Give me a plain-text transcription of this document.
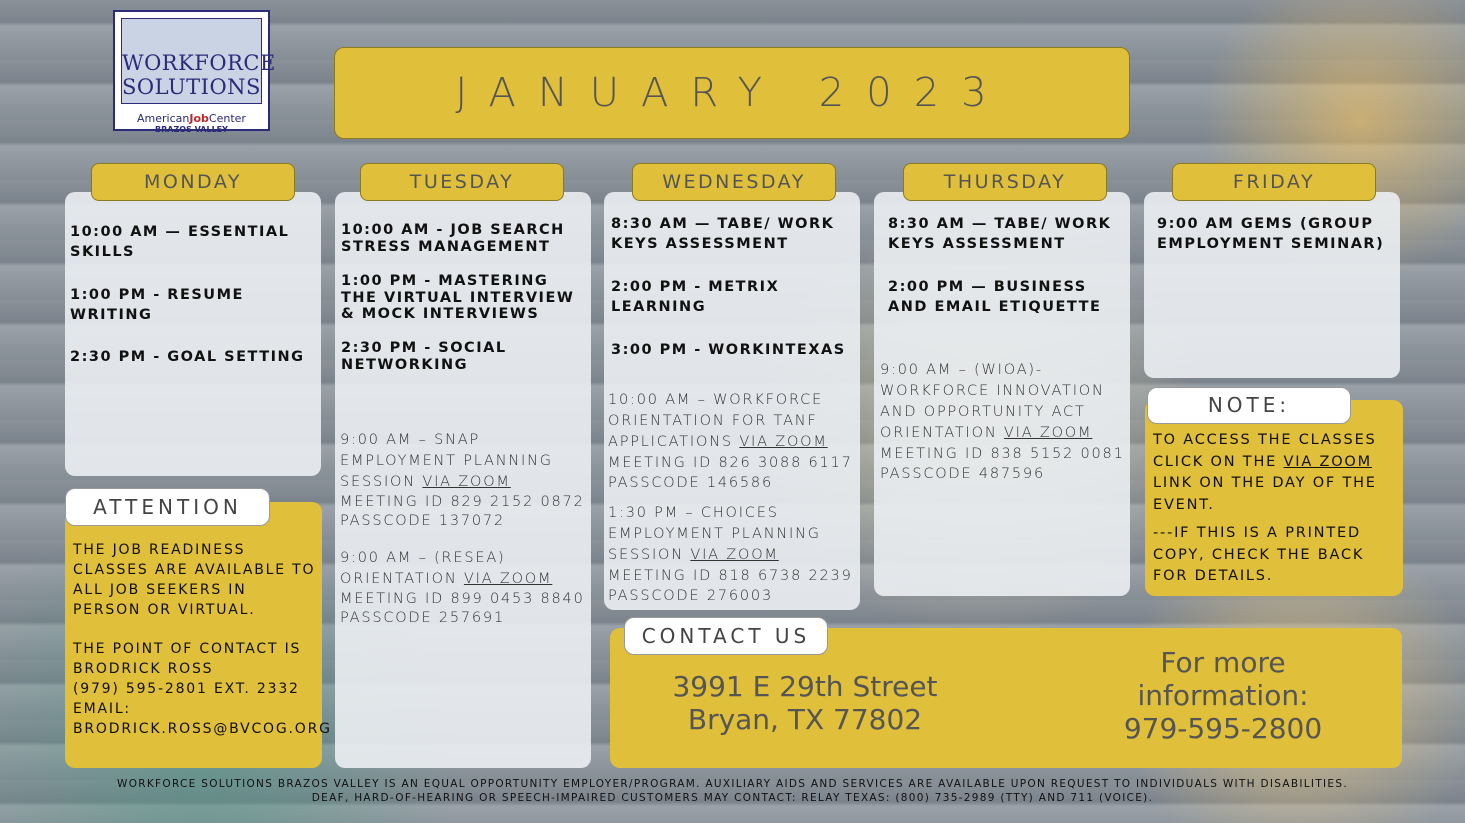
WORKFORCE
SOLUTIONS
BRAZOS VALLEY
AmericanJobCenter
JANUARY 2023

10:00 AM — ESSENTIAL SKILLS

1:00 PM - RESUME WRITING

2:30 PM - GOAL SETTING

MONDAY

10:00 AM - JOB SEARCH STRESS MANAGEMENT

1:00 PM - MASTERING THE VIRTUAL INTERVIEW & MOCK INTERVIEWS

2:30 PM - SOCIAL NETWORKING

9:00 AM – SNAP EMPLOYMENT PLANNING SESSION VIA ZOOM

MEETING ID 829 2152 0872

PASSCODE 137072

9:00 AM – (RESEA) ORIENTATION VIA ZOOM

MEETING ID 899 0453 8840

PASSCODE 257691

TUESDAY

8:30 AM — TABE/ WORK KEYS ASSESSMENT

2:00 PM - METRIX LEARNING

3:00 PM - WORKINTEXAS

10:00 AM – WORKFORCE ORIENTATION FOR TANF APPLICATIONS VIA ZOOM

MEETING ID 826 3088 6117

PASSCODE 146586

1:30 PM – CHOICES EMPLOYMENT PLANNING SESSION VIA ZOOM

MEETING ID 818 6738 2239

PASSCODE 276003

WEDNESDAY

8:30 AM — TABE/ WORK KEYS ASSESSMENT

2:00 PM — BUSINESS AND EMAIL ETIQUETTE

9:00 AM – (WIOA)-WORKFORCE INNOVATION AND OPPORTUNITY ACT ORIENTATION VIA ZOOM

MEETING ID 838 5152 0081

PASSCODE 487596

THURSDAY

9:00 AM GEMS (GROUP EMPLOYMENT SEMINAR)

FRIDAY

THE JOB READINESS CLASSES ARE AVAILABLE TO ALL JOB SEEKERS IN PERSON OR VIRTUAL.

THE POINT OF CONTACT IS

BRODRICK ROSS

(979) 595-2801 EXT. 2332

EMAIL:

BRODRICK.ROSS@BVCOG.ORG

ATTENTION

TO ACCESS THE CLASSES CLICK ON THE VIA ZOOM LINK ON THE DAY OF THE EVENT.

---IF THIS IS A PRINTED COPY, CHECK THE BACK FOR DETAILS.

NOTE:
3991 E 29th Street
Bryan, TX 77802
For more
information:
979-595-2800
CONTACT US
WORKFORCE SOLUTIONS BRAZOS VALLEY IS AN EQUAL OPPORTUNITY EMPLOYER/PROGRAM. AUXILIARY AIDS AND SERVICES ARE AVAILABLE UPON REQUEST TO INDIVIDUALS WITH DISABILITIES.
DEAF, HARD-OF-HEARING OR SPEECH-IMPAIRED CUSTOMERS MAY CONTACT: RELAY TEXAS: (800) 735-2989 (TTY) AND 711 (VOICE).
